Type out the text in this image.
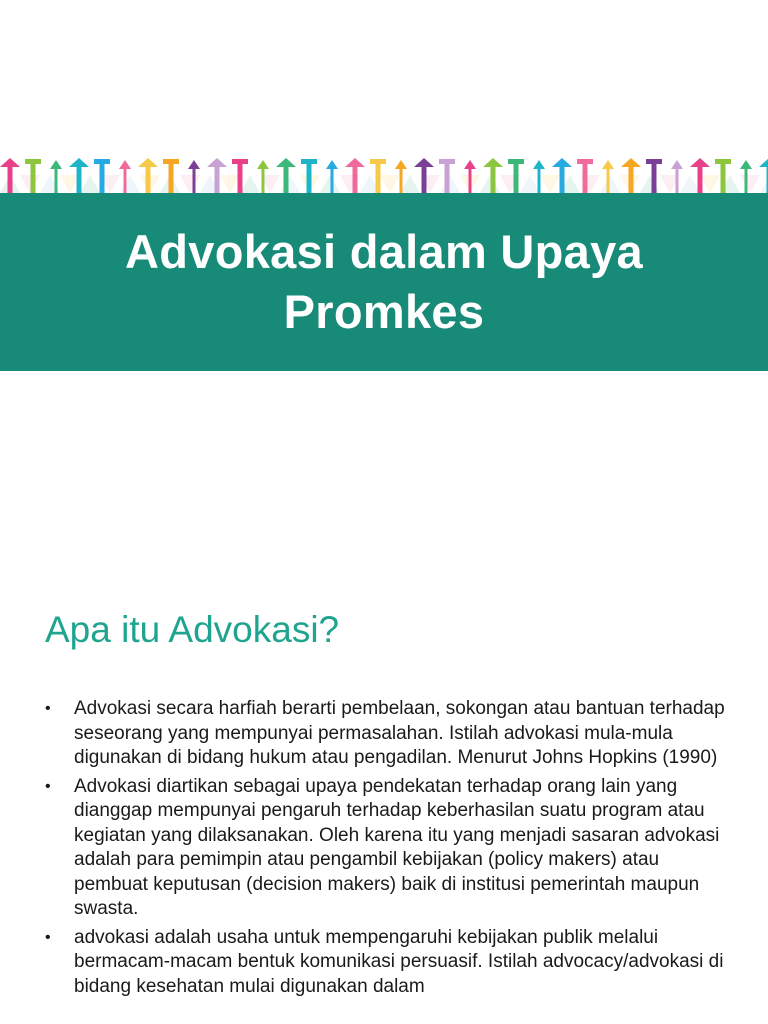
Advokasi dalam Upaya Promkes
Apa itu Advokasi?
• Advokasi secara harfiah berarti pembelaan, sokongan atau bantuan terhadap seseorang yang mempunyai permasalahan. Istilah advokasi mula-mula digunakan di bidang hukum atau pengadilan. Menurut Johns Hopkins (1990)
• Advokasi diartikan sebagai upaya pendekatan terhadap orang lain yang dianggap mempunyai pengaruh terhadap keberhasilan suatu program atau kegiatan yang dilaksanakan. Oleh karena itu yang menjadi sasaran advokasi adalah para pemimpin atau pengambil kebijakan (policy makers) atau pembuat keputusan (decision makers) baik di institusi pemerintah maupun swasta.
• advokasi adalah usaha untuk mempengaruhi kebijakan publik melalui bermacam-macam bentuk komunikasi persuasif. Istilah advocacy/advokasi di bidang kesehatan mulai digunakan dalam
